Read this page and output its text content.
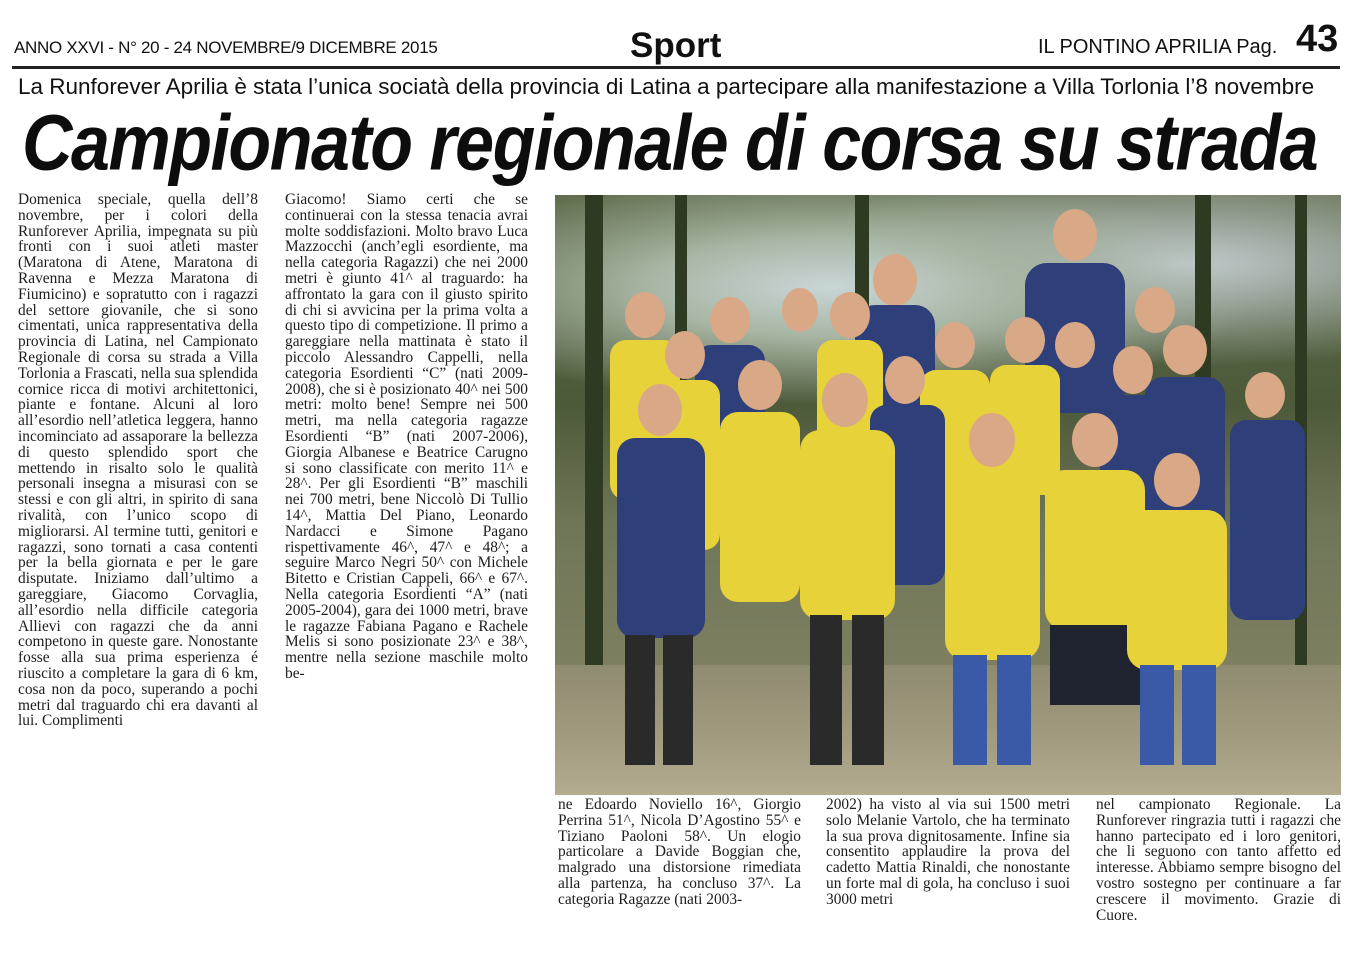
ANNO XXVI - N° 20 - 24 NOVEMBRE/9 DICEMBRE 2015	Sport	IL PONTINO APRILIA Pag. 43
La Runforever Aprilia è stata l’unica sociatà della provincia di Latina a partecipare alla manifestazione a Villa Torlonia l’8 novembre
Campionato regionale di corsa su strada

Domenica speciale, quella dell’8 novembre, per i colori della Runforever Aprilia, impegnata su più fronti con i suoi atleti master (Maratona di Atene, Maratona di Ravenna e Mezza Maratona di Fiumicino) e sopratutto con i ragazzi del settore giovanile, che si sono cimentati, unica rappresentativa della provincia di Latina, nel Campionato Regionale di corsa su strada a Villa Torlonia a Frascati, nella sua splendida cornice ricca di motivi architettonici, piante e fontane. Alcuni al loro all’esordio nell’atletica leggera, hanno incominciato ad assaporare la bellezza di questo splendido sport che mettendo in risalto solo le qualità personali insegna a misurasi con se stessi e con gli altri, in spirito di sana rivalità, con l’unico scopo di migliorarsi. Al termine tutti, genitori e ragazzi, sono tornati a casa contenti per la bella giornata e per le gare disputate. Iniziamo dall’ultimo a gareggiare, Giacomo Corvaglia, all’esordio nella difficile categoria Allievi con ragazzi che da anni competono in queste gare. Nonostante fosse alla sua prima esperienza é riuscito a completare la gara di 6 km, cosa non da poco, superando a pochi metri dal traguardo chi era davanti al lui. Complimenti

Giacomo! Siamo certi che se continuerai con la stessa tenacia avrai molte soddisfazioni. Molto bravo Luca Mazzocchi (anch’egli esordiente, ma nella categoria Ragazzi) che nei 2000 metri è giunto 41^ al traguardo: ha affrontato la gara con il giusto spirito di chi si avvicina per la prima volta a questo tipo di competizione. Il primo a gareggiare nella mattinata è stato il piccolo Alessandro Cappelli, nella categoria Esordienti “C” (nati 2009-2008), che si è posizionato 40^ nei 500 metri: molto bene! Sempre nei 500 metri, ma nella categoria ragazze Esordienti “B” (nati 2007-2006), Giorgia Albanese e Beatrice Carugno si sono classificate con merito 11^ e 28^. Per gli Esordienti “B” maschili nei 700 metri, bene Niccolò Di Tullio 14^, Mattia Del Piano, Leonardo Nardacci e Simone Pagano rispettivamente 46^, 47^ e 48^; a seguire Marco Negri 50^ con Michele Bitetto e Cristian Cappeli, 66^ e 67^. Nella categoria Esordienti “A” (nati 2005-2004), gara dei 1000 metri, brave le ragazze Fabiana Pagano e Rachele Melis si sono posizionate 23^ e 38^, mentre nella sezione maschile molto be-

ne Edoardo Noviello 16^, Giorgio Perrina 51^, Nicola D’Agostino 55^ e Tiziano Paoloni 58^. Un elogio particolare a Davide Boggian che, malgrado una distorsione rimediata alla partenza, ha concluso 37^. La categoria Ragazze (nati 2003-

2002) ha visto al via sui 1500 metri solo Melanie Vartolo, che ha terminato la sua prova dignitosamente. Infine sia consentito applaudire la prova del cadetto Mattia Rinaldi, che nonostante un forte mal di gola, ha concluso i suoi 3000 metri

nel campionato Regionale. La Runforever ringrazia tutti i ragazzi che hanno partecipato ed i loro genitori, che li seguono con tanto affetto ed interesse. Abbiamo sempre bisogno del vostro sostegno per continuare a far crescere il movimento. Grazie di Cuore.
